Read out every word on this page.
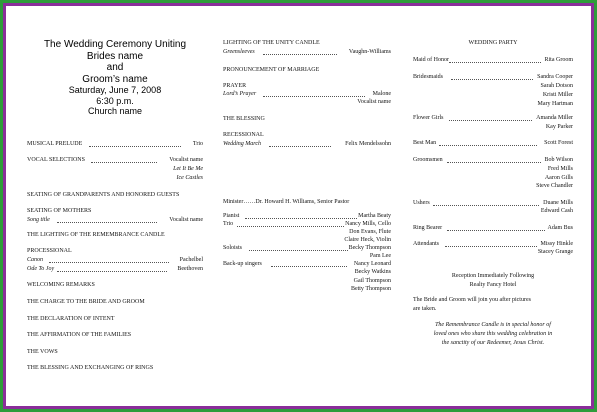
The Wedding Ceremony Uniting
Brides name
and
Groom’s name
Saturday, June 7, 2008
6:30 p.m.
Church name
MUSICAL PRELUDE	Trio
VOCAL SELECTIONS	Vocalist name
Let It Be Me
Ice Castles
SEATING OF GRANDPARENTS AND HONORED GUESTS
SEATING OF MOTHERS
Song title	Vocalist name
THE LIGHTING OF THE REMEMBRANCE CANDLE
PROCESSIONAL
Canon	Pachelbel
Ode To Joy	Beethoven
WELCOMING REMARKS
THE CHARGE TO THE BRIDE AND GROOM
THE DECLARATION OF INTENT
THE AFFIRMATION OF THE FAMILIES
THE VOWS
THE BLESSING AND EXCHANGING OF RINGS
LIGHTING OF THE UNITY CANDLE
Greensleeves	Vaughn-Williams
PRONOUNCEMENT OF MARRIAGE
PRAYER
Lord’s Prayer	Malone
Vocalist name
THE BLESSING
RECESSIONAL
Wedding March	Felix Mendelssohn
Minister……Dr. Howard H. Williams, Senior Pastor
Pianist	Martha Beaty
Trio	Nancy Mills, Cello
Don Evans, Flute
Claire Heck, Violin
Soloists	Becky Thompson
Pam Lee
Back-up singers	Nancy Leonard
Becky Watkins
Gail Thompson
Betty Thompson
WEDDING PARTY
Maid of Honor	Rita Groom
Bridesmaids	Sandra Cooper
Sarah Dotson
Kristi Miller
Mary Hartman
Flower Girls	Amanda Miller
Kay Parker
Best Man	Scott Forest
Groomsmen	Bob Wilson
Fred Mills
Aaron Gills
Steve Chandler
Ushers	Duane Mills
Edward Cash
Ring Bearer	Adam Bus
Attendants	Missy Hinkle
Stacey Grange
Reception Immediately Following
Realty Fancy Hotel
The Bride and Groom will join you after pictures
are taken.
The Remembrance Candle is in special honor of
loved ones who share this wedding celebration in
the sanctity of our Redeemer, Jesus Christ.
